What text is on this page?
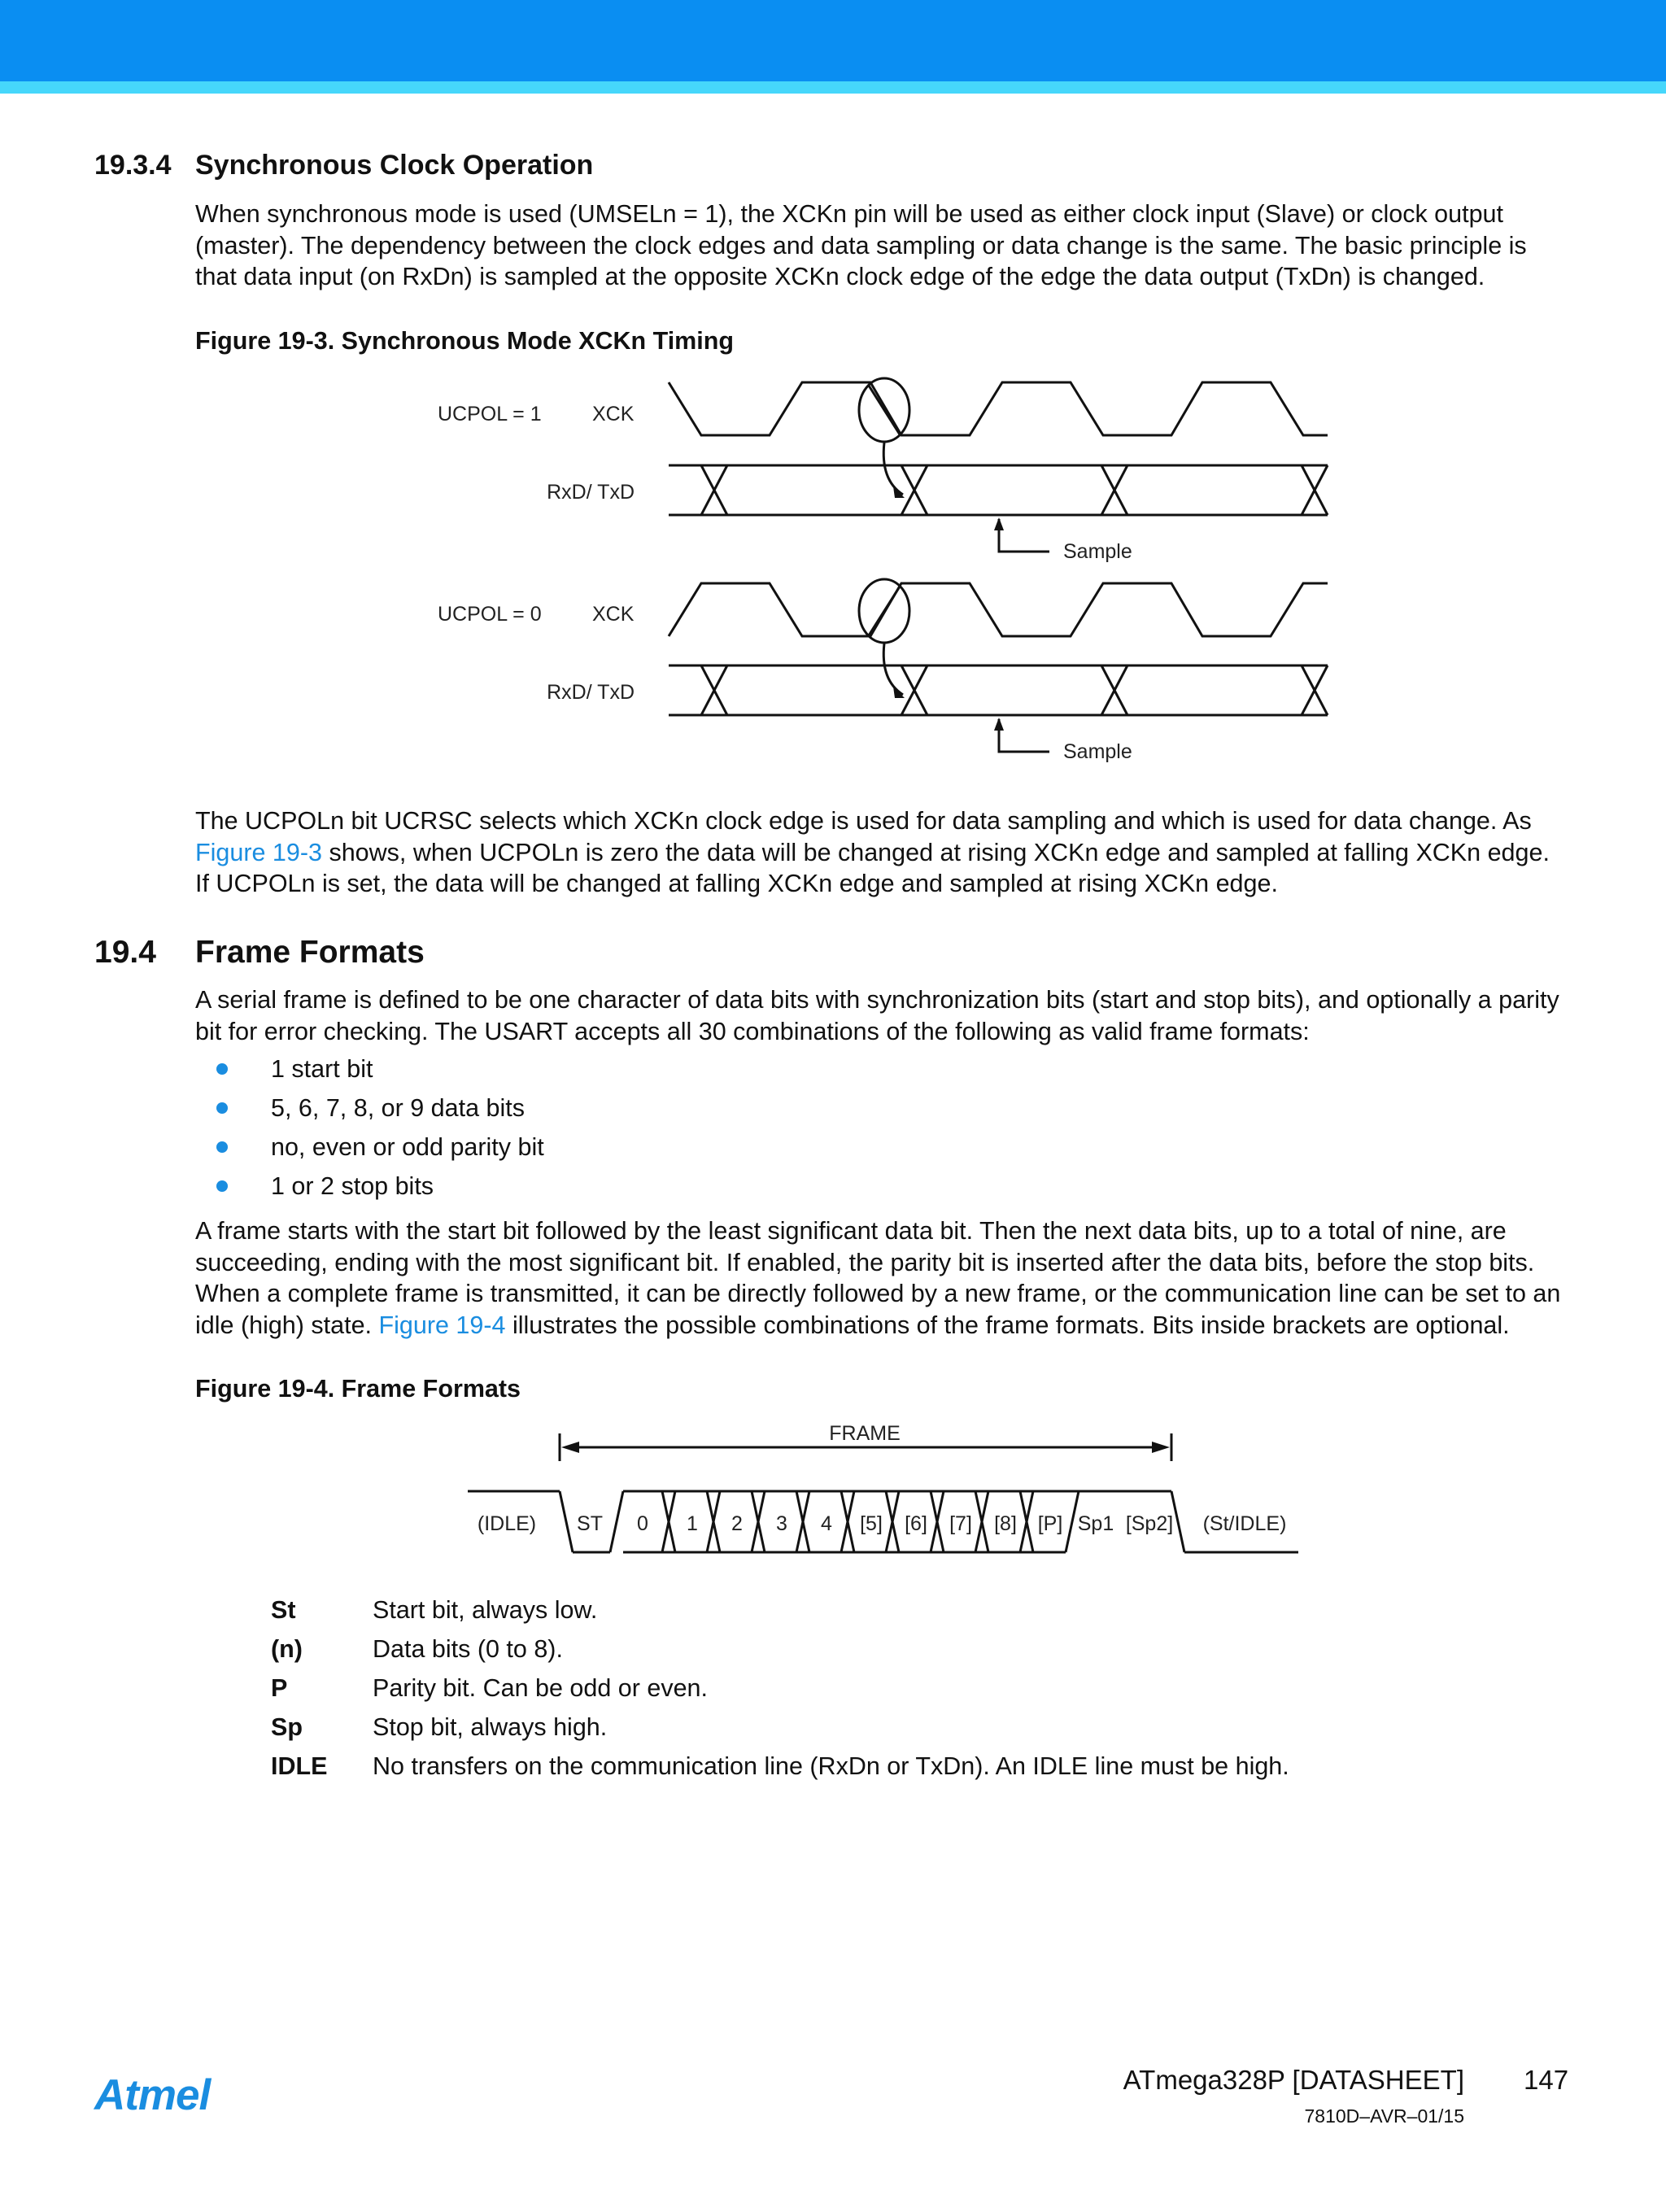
19.3.4 Synchronous Clock Operation

When synchronous mode is used (UMSELn = 1), the XCKn pin will be used as either clock input (Slave) or clock output (master). The dependency between the clock edges and data sampling or data change is the same. The basic principle is that data input (on RxDn) is sampled at the opposite XCKn clock edge of the edge the data output (TxDn) is changed.

Figure 19-3. Synchronous Mode XCKn Timing
UCPOL = 1 XCK
RxD/ TxD
Sample
UCPOL = 0 XCK
RxD/ TxD
Sample

The UCPOLn bit UCRSC selects which XCKn clock edge is used for data sampling and which is used for data change. As Figure 19-3 shows, when UCPOLn is zero the data will be changed at rising XCKn edge and sampled at falling XCKn edge. If UCPOLn is set, the data will be changed at falling XCKn edge and sampled at rising XCKn edge.

19.4 Frame Formats

A serial frame is defined to be one character of data bits with synchronization bits (start and stop bits), and optionally a parity bit for error checking. The USART accepts all 30 combinations of the following as valid frame formats:

1 start bit
5, 6, 7, 8, or 9 data bits
no, even or odd parity bit
1 or 2 stop bits

A frame starts with the start bit followed by the least significant data bit. Then the next data bits, up to a total of nine, are succeeding, ending with the most significant bit. If enabled, the parity bit is inserted after the data bits, before the stop bits. When a complete frame is transmitted, it can be directly followed by a new frame, or the communication line can be set to an idle (high) state. Figure 19-4 illustrates the possible combinations of the frame formats. Bits inside brackets are optional.

Figure 19-4. Frame Formats
FRAME
(IDLE)	(St/IDLE)
ST 0 1 2 3 4 [5] [6] [7] [8] [P] Sp1 [Sp2]
St	Start bit, always low.
(n)	Data bits (0 to 8).
P	Parity bit. Can be odd or even.
Sp	Stop bit, always high.
IDLE No transfers on the communication line (RxDn or TxDn). An IDLE line must be high.
Atmel	ATmega328P [DATASHEET] 147
7810D–AVR–01/15
